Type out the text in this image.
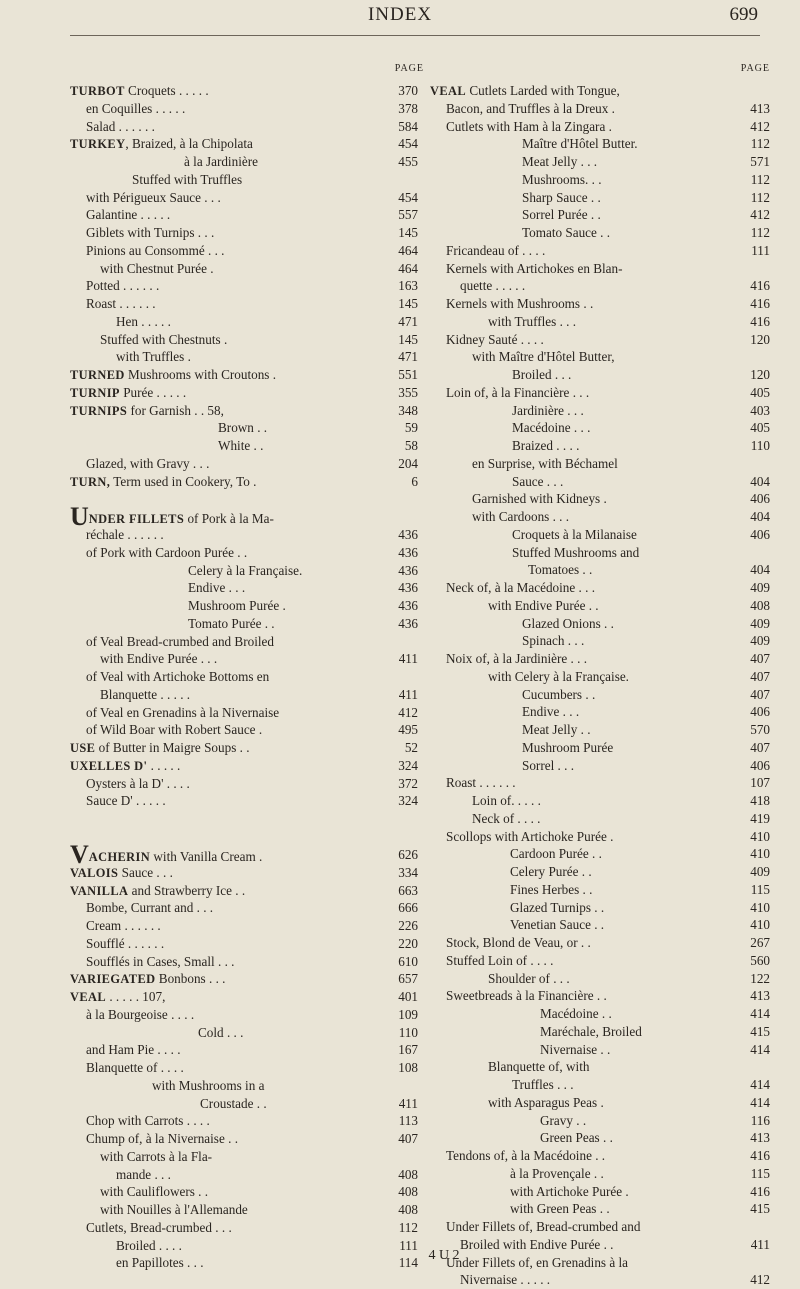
INDEX	699
PAGE
TURBOT Croquets . . . . .	370
en Coquilles . . . . .	378
Salad . . . . . .	584
TURKEY, Braized, à la Chipolata	454
à la Jardinière	455
Stuffed with Truffles
with Périgueux Sauce . . .	454
Galantine . . . . .	557
Giblets with Turnips . . .	145
Pinions au Consommé . . .	464
with Chestnut Purée .	464
Potted . . . . . .	163
Roast . . . . . .	145
Hen . . . . .	471
Stuffed with Chestnuts .	145
with Truffles .	471
TURNED Mushrooms with Croutons .	551
TURNIP Purée . . . . .	355
TURNIPS for Garnish . . 58,	348
Brown . .	59
White . .	58
Glazed, with Gravy . . .	204
TURN, Term used in Cookery, To .	6
UNDER FILLETS of Pork à la Ma-
réchale . . . . . .	436
of Pork with Cardoon Purée . .	436
Celery à la Française.	436
Endive . . .	436
Mushroom Purée .	436
Tomato Purée . .	436
of Veal Bread-crumbed and Broiled
with Endive Purée . . .	411
of Veal with Artichoke Bottoms en
Blanquette . . . . .	411
of Veal en Grenadins à la Nivernaise	412
of Wild Boar with Robert Sauce .	495
USE of Butter in Maigre Soups . .	52
UXELLES D' . . . . .	324
Oysters à la D' . . . .	372
Sauce D' . . . . .	324
VACHERIN with Vanilla Cream .	626
VALOIS Sauce . . .	334
VANILLA and Strawberry Ice . .	663
Bombe, Currant and . . .	666
Cream . . . . . .	226
Soufflé . . . . . .	220
Soufflés in Cases, Small . . .	610
VARIEGATED Bonbons . . .	657
VEAL . . . . . 107,	401
à la Bourgeoise . . . .	109
Cold . . .	110
and Ham Pie . . . .	167
Blanquette of . . . .	108
with Mushrooms in a
Croustade . .	411
Chop with Carrots . . . .	113
Chump of, à la Nivernaise . .	407
with Carrots à la Fla-
mande . . .	408
with Cauliflowers . .	408
with Nouilles à l'Allemande	408
Cutlets, Bread-crumbed . . .	112
Broiled . . . .	111
en Papillotes . . .	114
PAGE
VEAL Cutlets Larded with Tongue,
Bacon, and Truffles à la Dreux .	413
Cutlets with Ham à la Zingara .	412
Maître d'Hôtel Butter.	112
Meat Jelly . . .	571
Mushrooms. . .	112
Sharp Sauce . .	112
Sorrel Purée . .	412
Tomato Sauce . .	112
Fricandeau of . . . .	111
Kernels with Artichokes en Blan-
quette . . . . .	416
Kernels with Mushrooms . .	416
with Truffles . . .	416
Kidney Sauté . . . .	120
with Maître d'Hôtel Butter,
Broiled . . .	120
Loin of, à la Financière . . .	405
Jardinière . . .	403
Macédoine . . .	405
Braized . . . .	110
en Surprise, with Béchamel
Sauce . . .	404
Garnished with Kidneys .	406
with Cardoons . . .	404
Croquets à la Milanaise	406
Stuffed Mushrooms and
Tomatoes . .	404
Neck of, à la Macédoine . . .	409
with Endive Purée . .	408
Glazed Onions . .	409
Spinach . . .	409
Noix of, à la Jardinière . . .	407
with Celery à la Française.	407
Cucumbers . .	407
Endive . . .	406
Meat Jelly . .	570
Mushroom Purée	407
Sorrel . . .	406
Roast . . . . . .	107
Loin of. . . . .	418
Neck of . . . .	419
Scollops with Artichoke Purée .	410
Cardoon Purée . .	410
Celery Purée . .	409
Fines Herbes . .	115
Glazed Turnips . .	410
Venetian Sauce . .	410
Stock, Blond de Veau, or . .	267
Stuffed Loin of . . . .	560
Shoulder of . . .	122
Sweetbreads à la Financière . .	413
Macédoine . .	414
Maréchale, Broiled	415
Nivernaise . .	414
Blanquette of, with
Truffles . . .	414
with Asparagus Peas .	414
Gravy . .	116
Green Peas . .	413
Tendons of, à la Macédoine . .	416
à la Provençale . .	115
with Artichoke Purée .	416
with Green Peas . .	415
Under Fillets of, Bread-crumbed and
Broiled with Endive Purée . .	411
Under Fillets of, en Grenadins à la
Nivernaise . . . . .	412
4 U 2
